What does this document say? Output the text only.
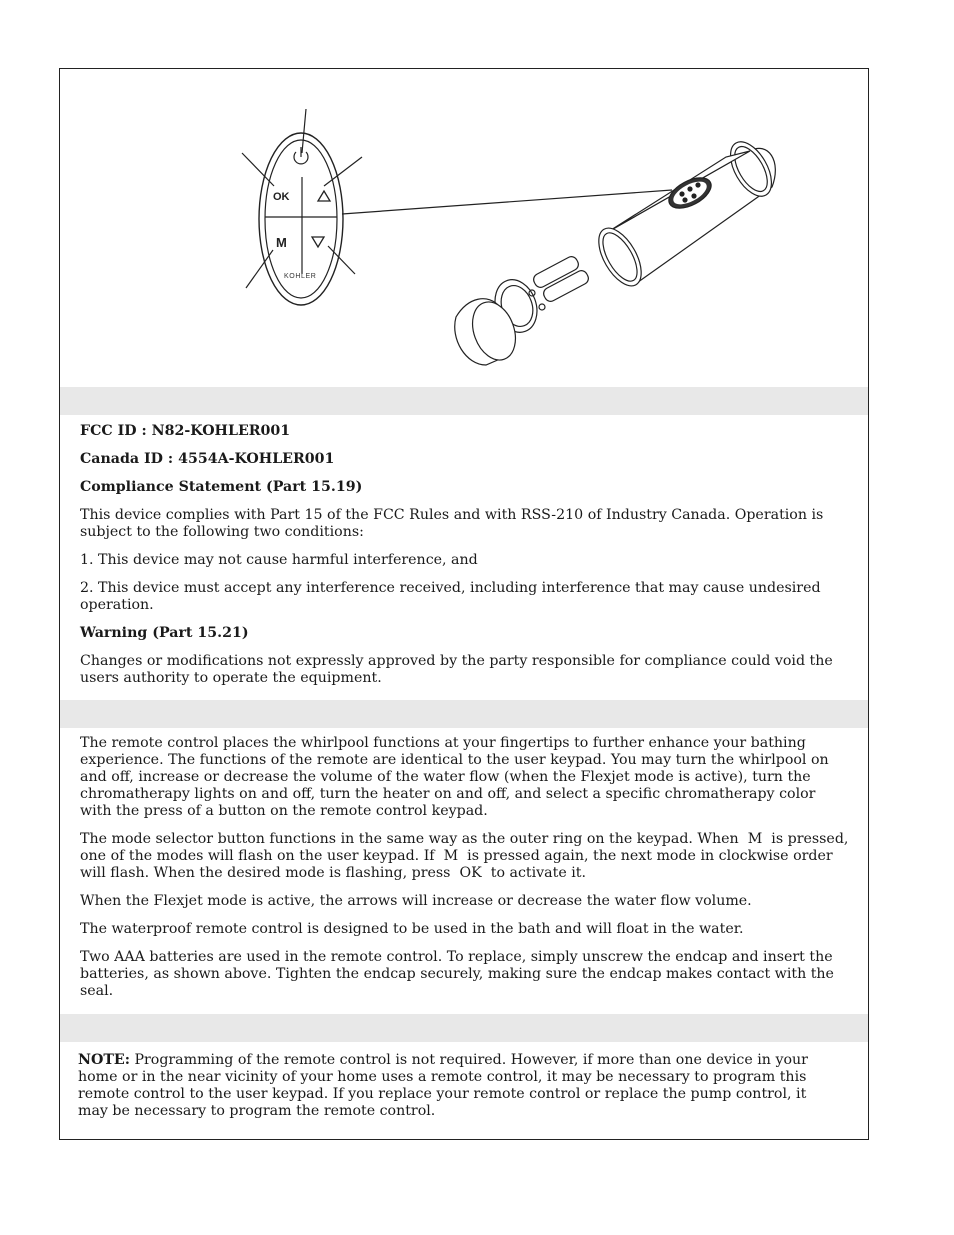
OK
M
KOHLER

FCC ID : N82-KOHLER001

Canada ID : 4554A-KOHLER001

Compliance Statement (Part 15.19)

This device complies with Part 15 of the FCC Rules and with RSS-210 of Industry Canada. Operation is subject to the following two conditions:

1. This device may not cause harmful interference, and

2. This device must accept any interference received, including interference that may cause undesired operation.

Warning (Part 15.21)

Changes or modifications not expressly approved by the party responsible for compliance could void the users authority to operate the equipment.

The remote control places the whirlpool functions at your fingertips to further enhance your bathing experience. The functions of the remote are identical to the user keypad. You may turn the whirlpool on and off, increase or decrease the volume of the water flow (when the Flexjet mode is active), turn the chromatherapy lights on and off, turn the heater on and off, and select a specific chromatherapy color with the press of a button on the remote control keypad.

The mode selector button functions in the same way as the outer ring on the keypad. When M is pressed, one of the modes will flash on the user keypad. If M is pressed again, the next mode in clockwise order will flash. When the desired mode is flashing, press OK to activate it.

When the Flexjet mode is active, the arrows will increase or decrease the water flow volume.

The waterproof remote control is designed to be used in the bath and will float in the water.

Two AAA batteries are used in the remote control. To replace, simply unscrew the endcap and insert the batteries, as shown above. Tighten the endcap securely, making sure the endcap makes contact with the seal.

NOTE: Programming of the remote control is not required. However, if more than one device in your home or in the near vicinity of your home uses a remote control, it may be necessary to program this remote control to the user keypad. If you replace your remote control or replace the pump control, it may be necessary to program the remote control.
